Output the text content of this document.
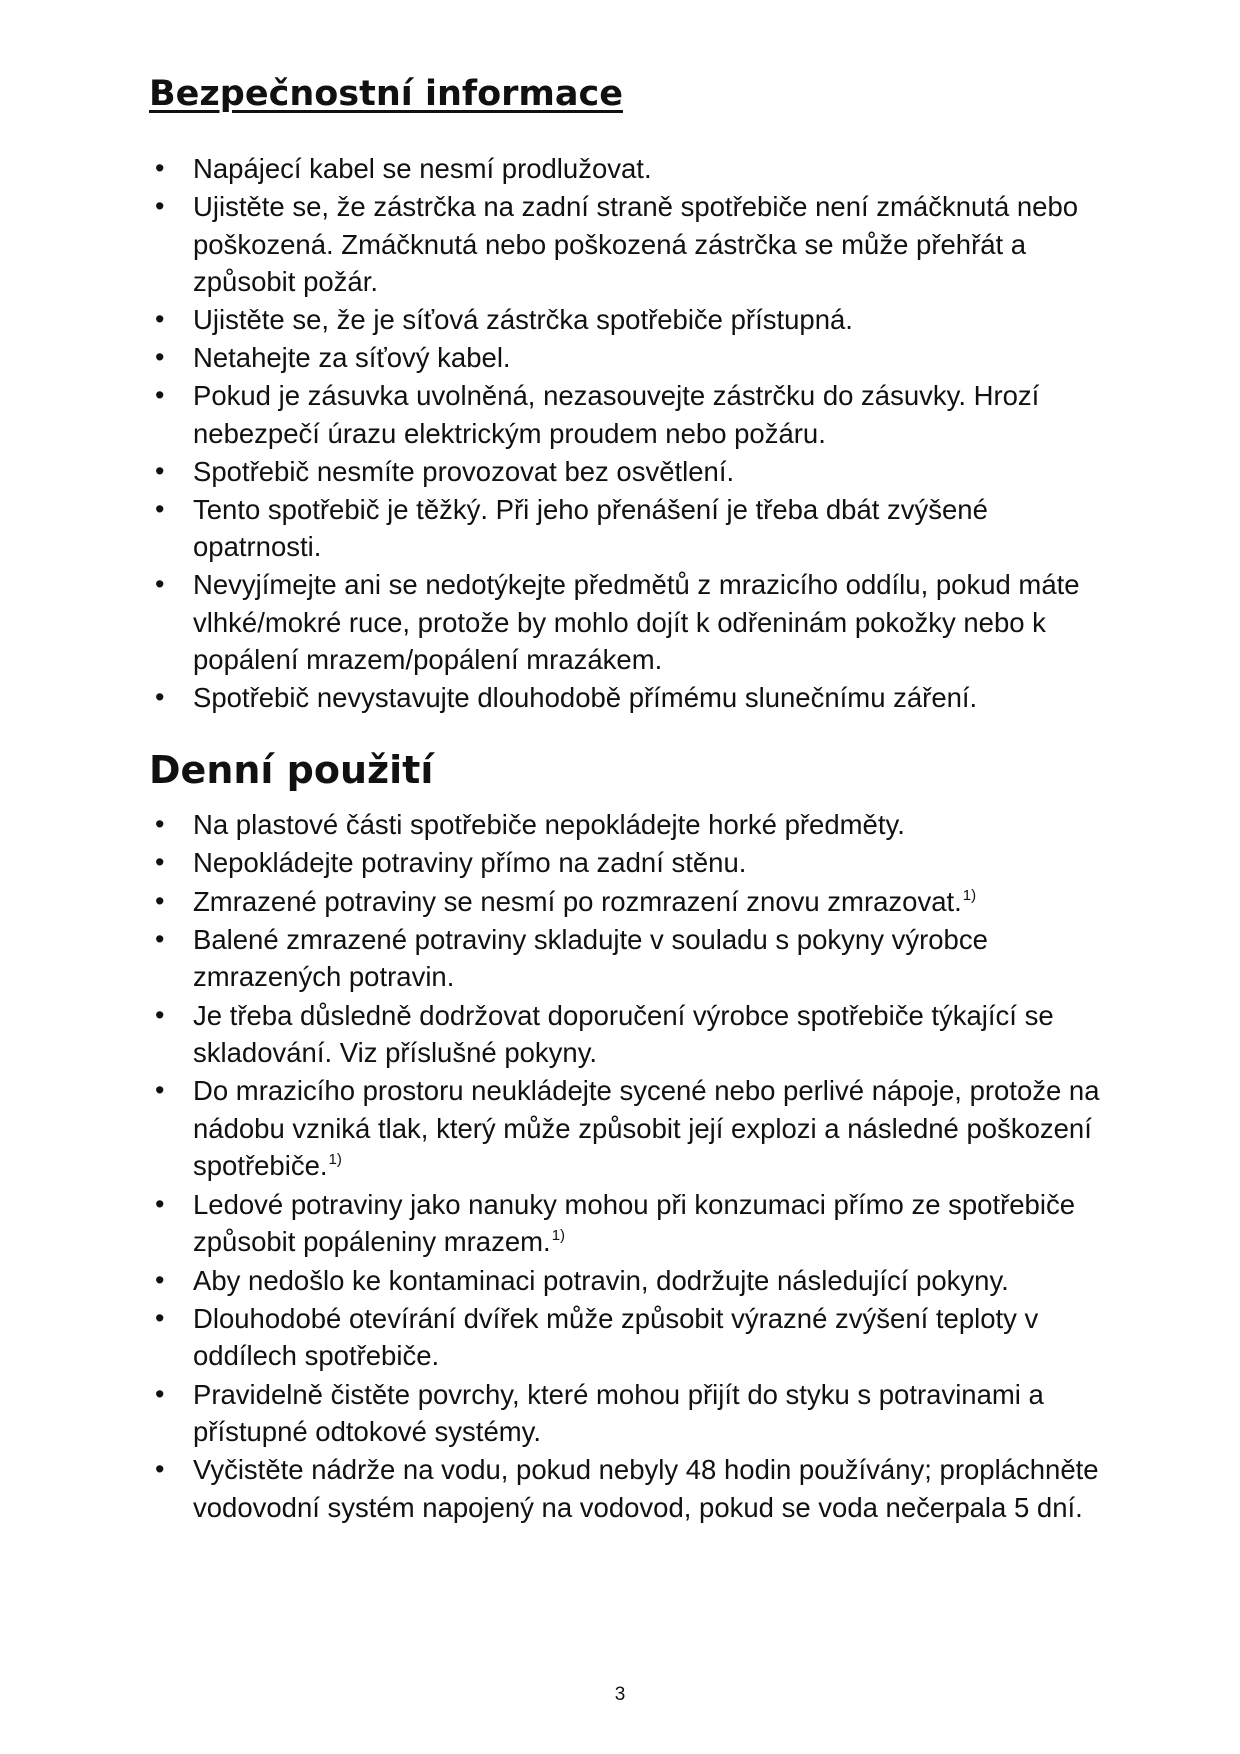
Bezpečnostní informace
• Napájecí kabel se nesmí prodlužovat.
• Ujistěte se, že zástrčka na zadní straně spotřebiče není zmáčknutá nebo poškozená. Zmáčknutá nebo poškozená zástrčka se může přehřát a způsobit požár.
• Ujistěte se, že je síťová zástrčka spotřebiče přístupná.
• Netahejte za síťový kabel.
• Pokud je zásuvka uvolněná, nezasouvejte zástrčku do zásuvky. Hrozí nebezpečí úrazu elektrickým proudem nebo požáru.
• Spotřebič nesmíte provozovat bez osvětlení.
• Tento spotřebič je těžký. Při jeho přenášení je třeba dbát zvýšené opatrnosti.
• Nevyjímejte ani se nedotýkejte předmětů z mrazicího oddílu, pokud máte vlhké/mokré ruce, protože by mohlo dojít k odřeninám pokožky nebo k popálení mrazem/popálení mrazákem.
• Spotřebič nevystavujte dlouhodobě přímému slunečnímu záření.
Denní použití
• Na plastové části spotřebiče nepokládejte horké předměty.
• Nepokládejte potraviny přímo na zadní stěnu.
• Zmrazené potraviny se nesmí po rozmrazení znovu zmrazovat.$^{1)}$
• Balené zmrazené potraviny skladujte v souladu s pokyny výrobce zmrazených potravin.
• Je třeba důsledně dodržovat doporučení výrobce spotřebiče týkající se skladování. Viz příslušné pokyny.
• Do mrazicího prostoru neukládejte sycené nebo perlivé nápoje, protože na nádobu vzniká tlak, který může způsobit její explozi a následné poškození spotřebiče.$^{1)}$
• Ledové potraviny jako nanuky mohou při konzumaci přímo ze spotřebiče způsobit popáleniny mrazem.$^{1)}$
• Aby nedošlo ke kontaminaci potravin, dodržujte následující pokyny.
• Dlouhodobé otevírání dvířek může způsobit výrazné zvýšení teploty v oddílech spotřebiče.
• Pravidelně čistěte povrchy, které mohou přijít do styku s potravinami a přístupné odtokové systémy.
• Vyčistěte nádrže na vodu, pokud nebyly 48 hodin používány; propláchněte vodovodní systém napojený na vodovod, pokud se voda nečerpala 5 dní.
3
